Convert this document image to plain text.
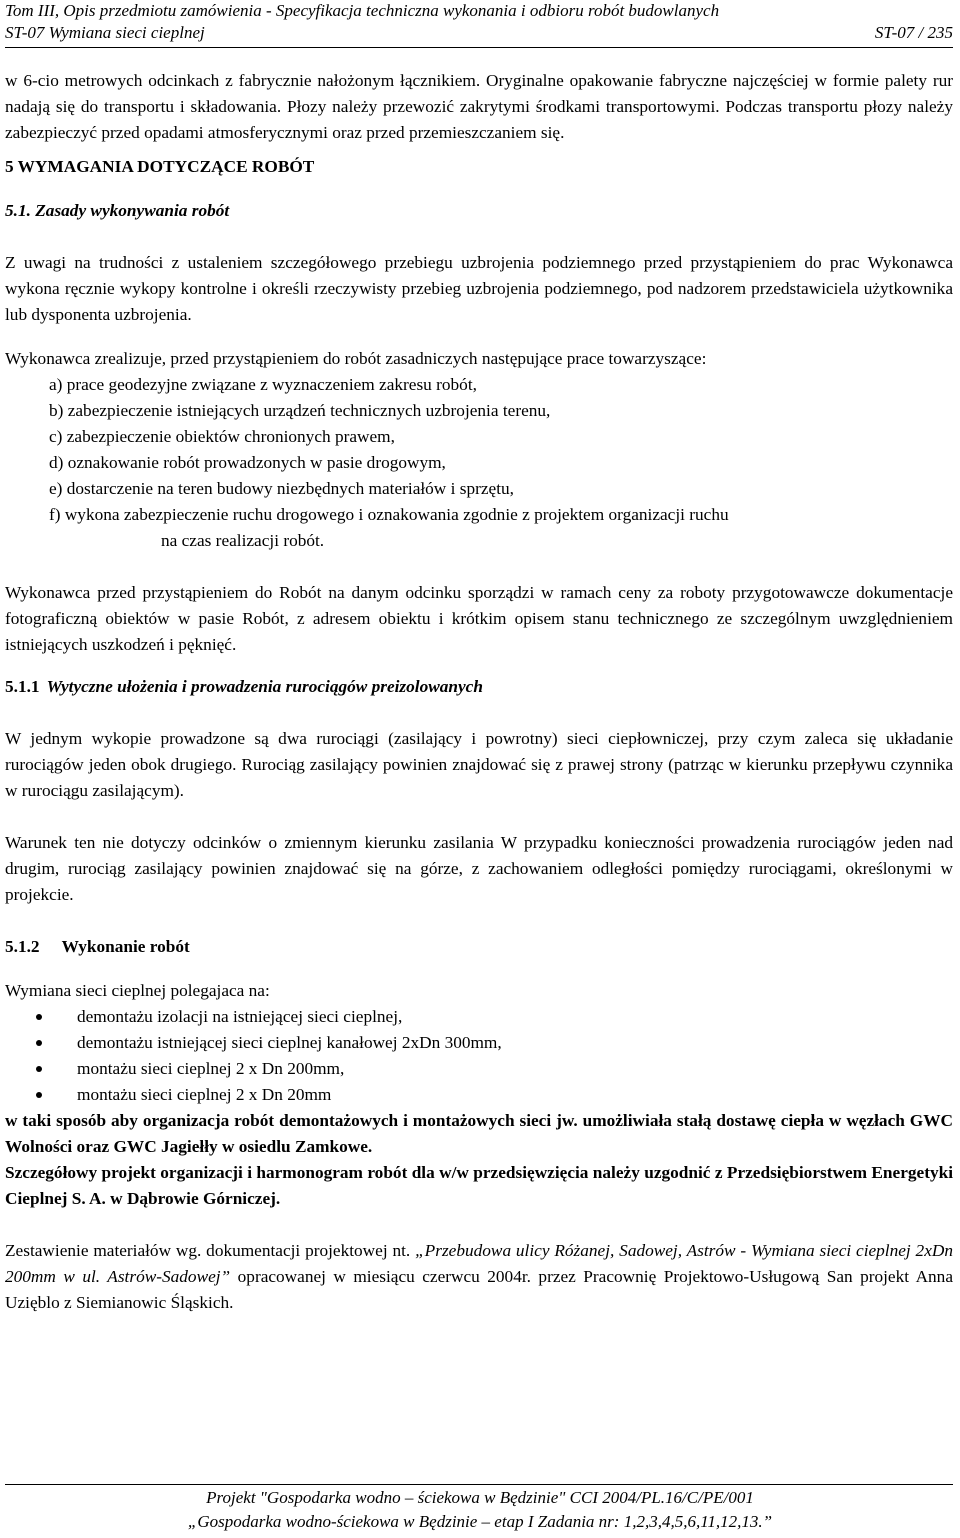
Tom III, Opis przedmiotu zamówienia - Specyfikacja techniczna wykonania i odbioru robót budowlanych
ST-07 Wymiana sieci cieplnej	ST-07 / 235

w 6-cio metrowych odcinkach z fabrycznie nałożonym łącznikiem. Oryginalne opakowanie fabryczne najczęściej w formie palety rur nadają się do transportu i składowania. Płozy należy przewozić zakrytymi środkami transportowymi. Podczas transportu płozy należy zabezpieczyć przed opadami atmosferycznymi oraz przed przemieszczaniem się.

5 WYMAGANIA DOTYCZĄCE ROBÓT

5.1. Zasady wykonywania robót

Z uwagi na trudności z ustaleniem szczegółowego przebiegu uzbrojenia podziemnego przed przystąpieniem do prac Wykonawca wykona ręcznie wykopy kontrolne i określi rzeczywisty przebieg uzbrojenia podziemnego, pod nadzorem przedstawiciela użytkownika lub dysponenta uzbrojenia.

Wykonawca zrealizuje, przed przystąpieniem do robót zasadniczych następujące prace towarzyszące:

a) prace geodezyjne związane z wyznaczeniem zakresu robót,
b) zabezpieczenie istniejących urządzeń technicznych uzbrojenia terenu,
c) zabezpieczenie obiektów chronionych prawem,
d) oznakowanie robót prowadzonych w pasie drogowym,
e) dostarczenie na teren budowy niezbędnych materiałów i sprzętu,
f) wykona zabezpieczenie ruchu drogowego i oznakowania zgodnie z projektem organizacji ruchu
na czas realizacji robót.

Wykonawca przed przystąpieniem do Robót na danym odcinku sporządzi w ramach ceny za roboty przygotowawcze dokumentacje fotograficzną obiektów w pasie Robót, z adresem obiektu i krótkim opisem stanu technicznego ze szczególnym uwzględnieniem istniejących uszkodzeń i pęknięć.

5.1.1 Wytyczne ułożenia i prowadzenia rurociągów preizolowanych

W jednym wykopie prowadzone są dwa rurociągi (zasilający i powrotny) sieci ciepłowniczej, przy czym zaleca się układanie rurociągów jeden obok drugiego. Rurociąg zasilający powinien znajdować się z prawej strony (patrząc w kierunku przepływu czynnika w rurociągu zasilającym).

Warunek ten nie dotyczy odcinków o zmiennym kierunku zasilania W przypadku konieczności prowadzenia rurociągów jeden nad drugim, rurociąg zasilający powinien znajdować się na górze, z zachowaniem odległości pomiędzy rurociągami, określonymi w projekcie.

5.1.2 Wykonanie robót

Wymiana sieci cieplnej polegajaca na:

demontażu izolacji na istniejącej sieci cieplnej,
demontażu istniejącej sieci cieplnej kanałowej 2xDn 300mm,
montażu sieci cieplnej 2 x Dn 200mm,
montażu sieci cieplnej 2 x Dn 20mm

w taki sposób aby organizacja robót demontażowych i montażowych sieci jw. umożliwiała stałą dostawę ciepła w węzłach GWC Wolności oraz GWC Jagiełły w osiedlu Zamkowe.

Szczegółowy projekt organizacji i harmonogram robót dla w/w przedsięwzięcia należy uzgodnić z Przedsiębiorstwem Energetyki Cieplnej S. A. w Dąbrowie Górniczej.

Zestawienie materiałów wg. dokumentacji projektowej nt. „Przebudowa ulicy Różanej, Sadowej, Astrów - Wymiana sieci cieplnej 2xDn 200mm w ul. Astrów-Sadowej” opracowanej w miesiącu czerwcu 2004r. przez Pracownię Projektowo-Usługową San projekt Anna Uzięblo z Siemianowic Śląskich.

Projekt "Gospodarka wodno – ściekowa w Będzinie" CCI 2004/PL.16/C/PE/001
„Gospodarka wodno-ściekowa w Będzinie – etap I Zadania nr: 1,2,3,4,5,6,11,12,13.”
